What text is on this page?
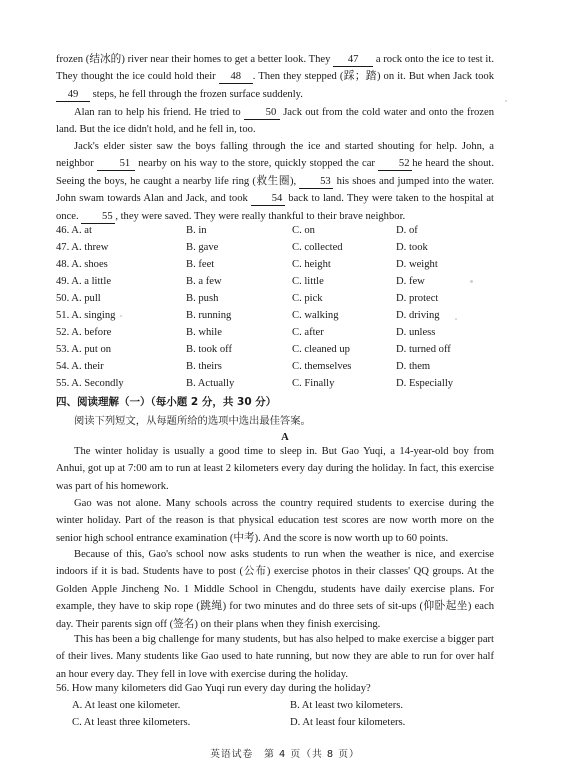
frozen (结冰的) river near their homes to get a better look. They 47 a rock onto the ice to test it. They thought the ice could hold their 48 . Then they stepped (踩；踏) on it. But when Jack took 49 steps, he fell through the frozen surface suddenly.

Alan ran to help his friend. He tried to 50 Jack out from the cold water and onto the frozen land. But the ice didn't hold, and he fell in, too.

Jack's elder sister saw the boys falling through the ice and started shouting for help. John, a neighbor 51 nearby on his way to the store, quickly stopped the car 52 he heard the shout. Seeing the boys, he caught a nearby life ring (救生圈), 53 his shoes and jumped into the water. John swam towards Alan and Jack, and took 54 back to land. They were taken to the hospital at once. 55 , they were saved. They were really thankful to their brave neighbor.

46. A. at	B. in	C. on	D. of
47. A. threw	B. gave	C. collected	D. took
48. A. shoes	B. feet	C. height	D. weight
49. A. a little	B. a few	C. little	D. few
50. A. pull	B. push	C. pick	D. protect
51. A. singing	B. running	C. walking	D. driving
52. A. before	B. while	C. after	D. unless
53. A. put on	B. took off	C. cleaned up	D. turned off
54. A. their	B. theirs	C. themselves	D. them
55. A. Secondly	B. Actually	C. Finally	D. Especially
四、阅读理解（一）（每小题 2 分，共 30 分）
阅读下列短文，从每题所给的选项中选出最佳答案。
A

The winter holiday is usually a good time to sleep in. But Gao Yuqi, a 14-year-old boy from Anhui, got up at 7:00 am to run at least 2 kilometers every day during the holiday. In fact, this exercise was part of his homework.

Gao was not alone. Many schools across the country required students to exercise during the winter holiday. Part of the reason is that physical education test scores are now worth more on the senior high school entrance examination (中考). And the score is now worth up to 60 points.

Because of this, Gao's school now asks students to run when the weather is nice, and exercise indoors if it is bad. Students have to post (公布) exercise photos in their classes' QQ groups. At the Golden Apple Jincheng No. 1 Middle School in Chengdu, students have daily exercise plans. For example, they have to skip rope (跳绳) for two minutes and do three sets of sit-ups (仰卧起坐) each day. Their parents sign off (签名) on their plans when they finish exercising.

This has been a big challenge for many students, but has also helped to make exercise a bigger part of their lives. Many students like Gao used to hate running, but now they are able to run for over half an hour every day. They fell in love with exercise during the holiday.

56. How many kilometers did Gao Yuqi run every day during the holiday?
A. At least one kilometer.	B. At least two kilometers.
C. At least three kilometers.	D. At least four kilometers.
英语试卷　第 4 页（共 8 页）
